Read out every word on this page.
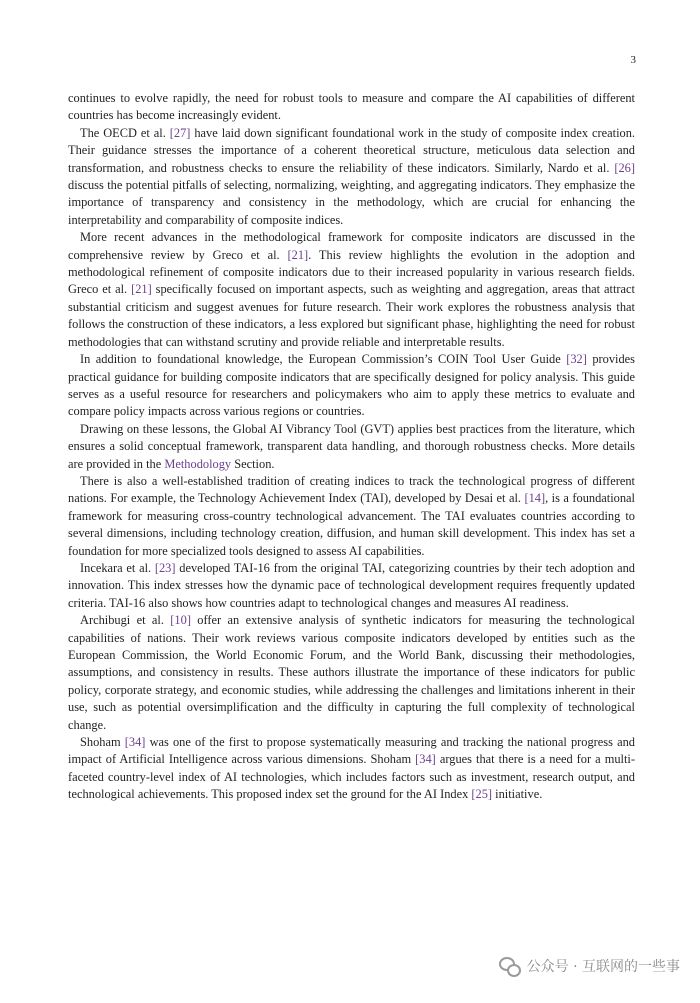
3

continues to evolve rapidly, the need for robust tools to measure and compare the AI capabilities of different countries has become increasingly evident.

The OECD et al. [27] have laid down significant foundational work in the study of composite index creation. Their guidance stresses the importance of a coherent theoretical structure, meticulous data selection and transformation, and robustness checks to ensure the reliability of these indicators. Similarly, Nardo et al. [26] discuss the potential pitfalls of selecting, normalizing, weighting, and aggregating indicators. They emphasize the importance of transparency and consistency in the methodology, which are crucial for enhancing the interpretability and comparability of composite indices.

More recent advances in the methodological framework for composite indicators are discussed in the comprehensive review by Greco et al. [21]. This review highlights the evolution in the adoption and methodological refinement of composite indicators due to their increased popularity in various research fields. Greco et al. [21] specifically focused on important aspects, such as weighting and aggregation, areas that attract substantial criticism and suggest avenues for future research. Their work explores the robustness analysis that follows the construction of these indicators, a less explored but significant phase, highlighting the need for robust methodologies that can withstand scrutiny and provide reliable and interpretable results.

In addition to foundational knowledge, the European Commission’s COIN Tool User Guide [32] provides practical guidance for building composite indicators that are specifically designed for policy analysis. This guide serves as a useful resource for researchers and policymakers who aim to apply these metrics to evaluate and compare policy impacts across various regions or countries.

Drawing on these lessons, the Global AI Vibrancy Tool (GVT) applies best practices from the literature, which ensures a solid conceptual framework, transparent data handling, and thorough robustness checks. More details are provided in the Methodology Section.

There is also a well-established tradition of creating indices to track the technological progress of different nations. For example, the Technology Achievement Index (TAI), developed by Desai et al. [14], is a foundational framework for measuring cross-country technological advancement. The TAI evaluates countries according to several dimensions, including technology creation, diffusion, and human skill development. This index has set a foundation for more specialized tools designed to assess AI capabilities.

Incekara et al. [23] developed TAI-16 from the original TAI, categorizing countries by their tech adoption and innovation. This index stresses how the dynamic pace of technological development requires frequently updated criteria. TAI-16 also shows how countries adapt to technological changes and measures AI readiness.

Archibugi et al. [10] offer an extensive analysis of synthetic indicators for measuring the technological capabilities of nations. Their work reviews various composite indicators developed by entities such as the European Commission, the World Economic Forum, and the World Bank, discussing their methodologies, assumptions, and consistency in results. These authors illustrate the importance of these indicators for public policy, corporate strategy, and economic studies, while addressing the challenges and limitations inherent in their use, such as potential oversimplification and the difficulty in capturing the full complexity of technological change.

Shoham [34] was one of the first to propose systematically measuring and tracking the national progress and impact of Artificial Intelligence across various dimensions. Shoham [34] argues that there is a need for a multi-faceted country-level index of AI technologies, which includes factors such as investment, research output, and technological achievements. This proposed index set the ground for the AI Index [25] initiative.

公众号 · 互联网的一些事
